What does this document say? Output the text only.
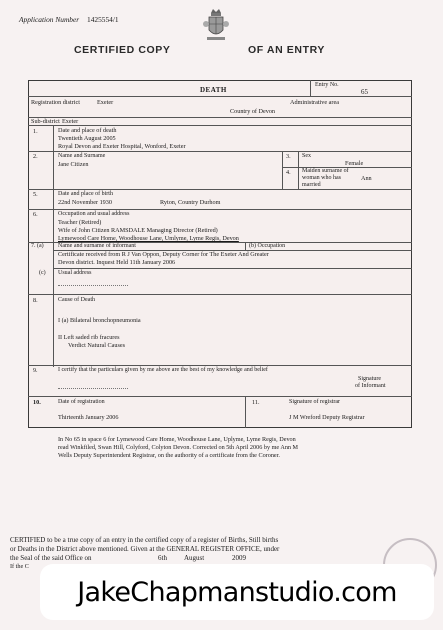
Application Number 1425554/1
CERTIFIED COPY	OF AN ENTRY
Entry No.
65
DEATH
Registration district	Exeter	Administrative area
Country of Devon
Sub-district Exeter
1.	Date and place of death
Twentieth August 2005
Royal Devon and Exeter Hospital, Wonford, Exeter
2.	Name and Surname
Jane Citizen
3. Sex
Female
4. Maiden surname of woman who has married
Ann
5.	Date and place of birth
22nd November 1930	Ryton, Country Durhom
6.	Occupation and usual address
Teacher (Retired)
Wife of John Citizen RAMSDALE Managing Director (Retired)
Lymewood Care Home, Woodhouse Lane, Umlyme, Lyme Regis, Devon
7. (a) Name and surname of informant	(b) Occupation
Certificate received from R J Van Oppon, Deputy Corner for The Exeter And Greater
Devon district. Inquest Held 11th January 2006
(c) Usual address
8.	Cause of Death
I (a) Bilateral bronchopneumonia
II Left saded rib fracures
Verdict Natural Causes
9.	I certify that the particulars given by me above are the best of my knowledge and belief
Signature
of Informant
10.	Date of registration
Thirteenth January 2006
11.	Signature of registrar
J M Wreford Deputy Registrar
In No 65 in space 6 for Lymewood Care Home, Woodhouse Lane, Uplyme, Lyme Regis, Devon
read Winkfiled, Swan Hill, Colyford, Colyton Devon. Corrected on 5th April 2006 by me Ann M
Wells Deputy Superintendent Registrar, on the authority of a certificate from the Coroner.
CERTIFIED to be a true copy of an entry in the certified copy of a register of Births, Still births
or Deaths in the District above mentioned. Given at the GENERAL REGISTER OFFICE, under
the Seal of the said Office on	6th August	2009
If the C
JakeChapmanstudio.com
